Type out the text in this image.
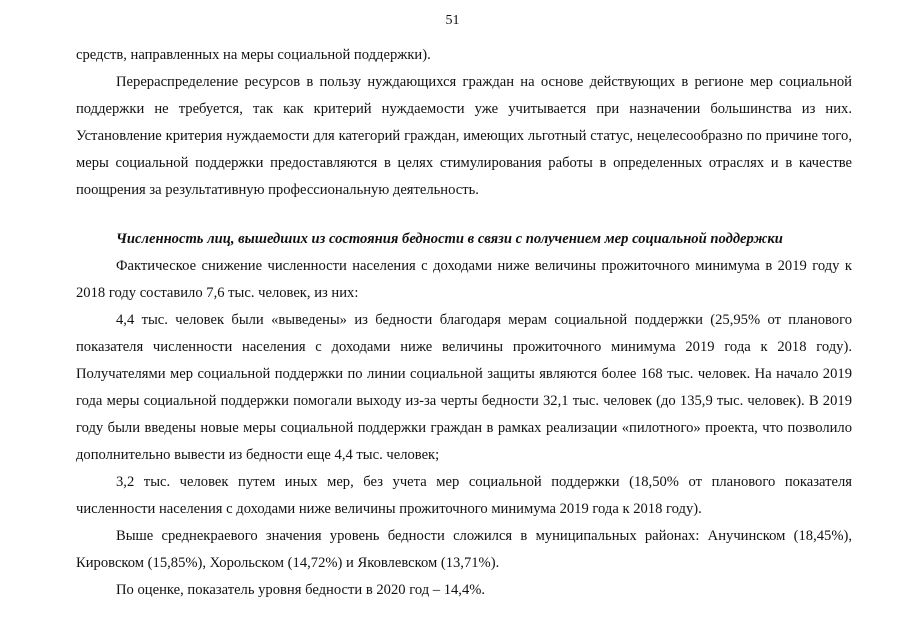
51

средств, направленных на меры социальной поддержки).

Перераспределение ресурсов в пользу нуждающихся граждан на основе действующих в регионе мер социальной поддержки не требуется, так как критерий нуждаемости уже учитывается при назначении большинства из них. Установление критерия нуждаемости для категорий граждан, имеющих льготный статус, нецелесообразно по причине того, меры социальной поддержки предоставляются в целях стимулирования работы в определенных отраслях и в качестве поощрения за результативную профессиональную деятельность.

Численность лиц, вышедших из состояния бедности в связи с получением мер социальной поддержки

Фактическое снижение численности населения с доходами ниже величины прожиточного минимума в 2019 году к 2018 году составило 7,6 тыс. человек, из них:

4,4 тыс. человек были «выведены» из бедности благодаря мерам социальной поддержки (25,95% от планового показателя численности населения с доходами ниже величины прожиточного минимума 2019 года к 2018 году). Получателями мер социальной поддержки по линии социальной защиты являются более 168 тыс. человек. На начало 2019 года меры социальной поддержки помогали выходу из-за черты бедности 32,1 тыс. человек (до 135,9 тыс. человек). В 2019 году были введены новые меры социальной поддержки граждан в рамках реализации «пилотного» проекта, что позволило дополнительно вывести из бедности еще 4,4 тыс. человек;

3,2 тыс. человек путем иных мер, без учета мер социальной поддержки (18,50% от планового показателя численности населения с доходами ниже величины прожиточного минимума 2019 года к 2018 году).

Выше среднекраевого значения уровень бедности сложился в муниципальных районах: Анучинском (18,45%), Кировском (15,85%), Хорольском (14,72%) и Яковлевском (13,71%).

По оценке, показатель уровня бедности в 2020 год – 14,4%.
